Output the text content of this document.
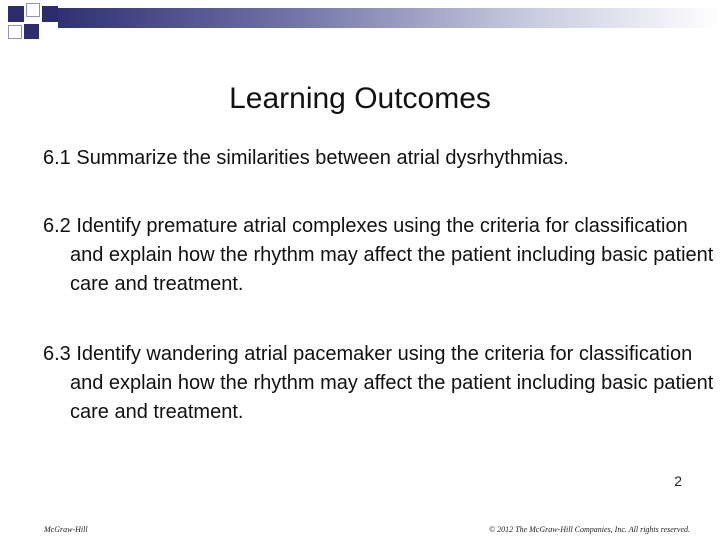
Learning Outcomes
6.1 Summarize the similarities between atrial dysrhythmias.
6.2 Identify premature atrial complexes using the criteria for classification and explain how the rhythm may affect the patient including basic patient care and treatment.
6.3 Identify wandering atrial pacemaker using the criteria for classification and explain how the rhythm may affect the patient including basic patient care and treatment.
2
McGraw-Hill	© 2012 The McGraw-Hill Companies, Inc. All rights reserved.
